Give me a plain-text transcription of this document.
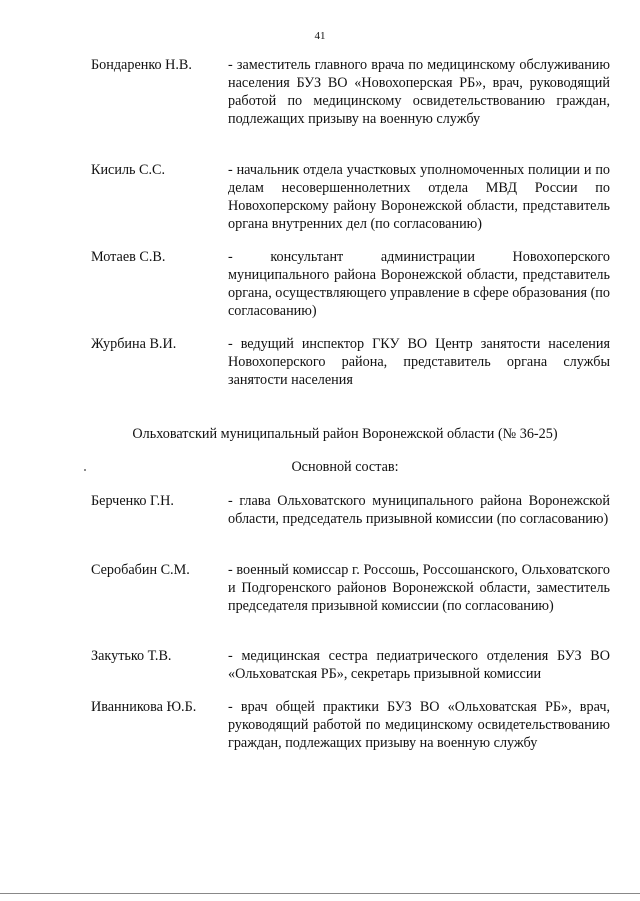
41
Бондаренко Н.В.	- заместитель главного врача по медицинскому обслуживанию населения БУЗ ВО «Новохоперская РБ», врач, руководящий работой по медицинскому освидетельствованию граждан, подлежащих призыву на военную службу
Кисиль С.С.	- начальник отдела участковых уполномоченных полиции и по делам несовершеннолетних отдела МВД России по Новохоперскому району Воронежской области, представитель органа внутренних дел (по согласованию)
Мотаев С.В.	- консультант администрации Новохоперского муниципального района Воронежской области, представитель органа, осуществляющего управление в сфере образования (по согласованию)
Журбина В.И.	- ведущий инспектор ГКУ ВО Центр занятости населения Новохоперского района, представитель органа службы занятости населения
Ольховатский муниципальный район Воронежской области (№ 36-25)
Основной состав:
Берченко Г.Н.	- глава Ольховатского муниципального района Воронежской области, председатель призывной комиссии (по согласованию)
Серобабин С.М.	- военный комиссар г. Россошь, Россошанского, Ольховатского и Подгоренского районов Воронежской области, заместитель председателя призывной комиссии (по согласованию)
Закутько Т.В.	- медицинская сестра педиатрического отделения БУЗ ВО «Ольховатская РБ», секретарь призывной комиссии
Иванникова Ю.Б. - врач общей практики БУЗ ВО «Ольховатская РБ», врач, руководящий работой по медицинскому освидетельствованию граждан, подлежащих призыву на военную службу
